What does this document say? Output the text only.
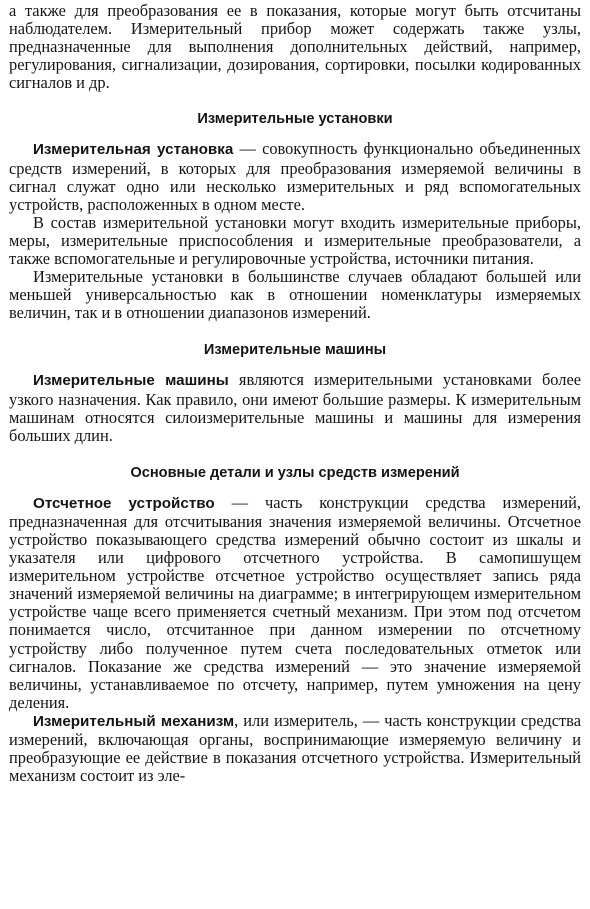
а также для преобразования ее в показания, которые могут быть отсчитаны наблюдателем. Измерительный прибор может содержать также узлы, предназначенные для выполнения дополнительных действий, например, регулирования, сигнализации, дозирования, сортировки, посылки кодированных сигналов и др.

Измерительные установки

Измерительная установка — совокупность функционально объединенных средств измерений, в которых для преобразования измеряемой величины в сигнал служат одно или несколько измерительных и ряд вспомогательных устройств, расположенных в одном месте.

В состав измерительной установки могут входить измерительные приборы, меры, измерительные приспособления и измерительные преобразователи, а также вспомогательные и регулировочные устройства, источники питания.

Измерительные установки в большинстве случаев обладают большей или меньшей универсальностью как в отношении номенклатуры измеряемых величин, так и в отношении диапазонов измерений.

Измерительные машины

Измерительные машины являются измерительными установками более узкого назначения. Как правило, они имеют большие размеры. К измерительным машинам относятся силоизмерительные машины и машины для измерения больших длин.

Основные детали и узлы средств измерений

Отсчетное устройство — часть конструкции средства измерений, предназначенная для отсчитывания значения измеряемой величины. Отсчетное устройство показывающего средства измерений обычно состоит из шкалы и указателя или цифрового отсчетного устройства. В самопишущем измерительном устройстве отсчетное устройство осуществляет запись ряда значений измеряемой величины на диаграмме; в интегрирующем измерительном устройстве чаще всего применяется счетный механизм. При этом под отсчетом понимается число, отсчитанное при данном измерении по отсчетному устройству либо полученное путем счета последовательных отметок или сигналов. Показание же средства измерений — это значение измеряемой величины, устанавливаемое по отсчету, например, путем умножения на цену деления.

Измерительный механизм, или измеритель, — часть конструкции средства измерений, включающая органы, воспринимающие измеряемую величину и преобразующие ее действие в показания отсчетного устройства. Измерительный механизм состоит из эле-
